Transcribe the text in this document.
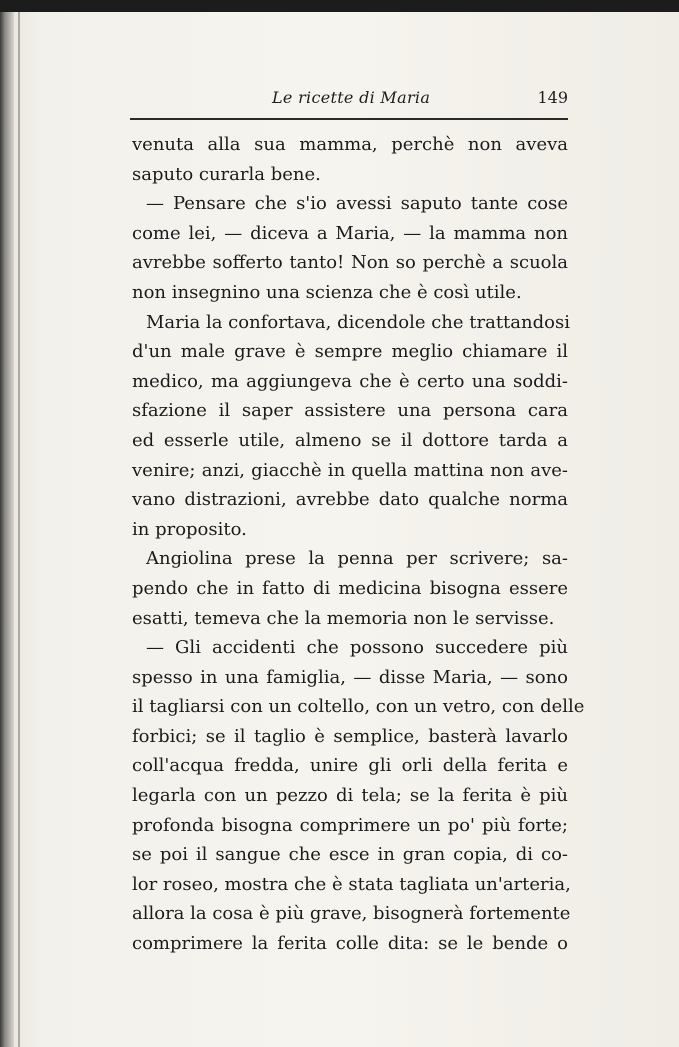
Le ricette di Maria	149
venuta alla sua mamma, perchè non aveva
saputo curarla bene.
— Pensare che s'io avessi saputo tante cose
come lei, — diceva a Maria, — la mamma non
avrebbe sofferto tanto! Non so perchè a scuola
non insegnino una scienza che è così utile.
Maria la confortava, dicendole che trattandosi
d'un male grave è sempre meglio chiamare il
medico, ma aggiungeva che è certo una soddi-
sfazione il saper assistere una persona cara
ed esserle utile, almeno se il dottore tarda a
venire; anzi, giacchè in quella mattina non ave-
vano distrazioni, avrebbe dato qualche norma
in proposito.
Angiolina prese la penna per scrivere; sa-
pendo che in fatto di medicina bisogna essere
esatti, temeva che la memoria non le servisse.
— Gli accidenti che possono succedere più
spesso in una famiglia, — disse Maria, — sono
il tagliarsi con un coltello, con un vetro, con delle
forbici; se il taglio è semplice, basterà lavarlo
coll'acqua fredda, unire gli orli della ferita e
legarla con un pezzo di tela; se la ferita è più
profonda bisogna comprimere un po' più forte;
se poi il sangue che esce in gran copia, di co-
lor roseo, mostra che è stata tagliata un'arteria,
allora la cosa è più grave, bisognerà fortemente
comprimere la ferita colle dita: se le bende o
